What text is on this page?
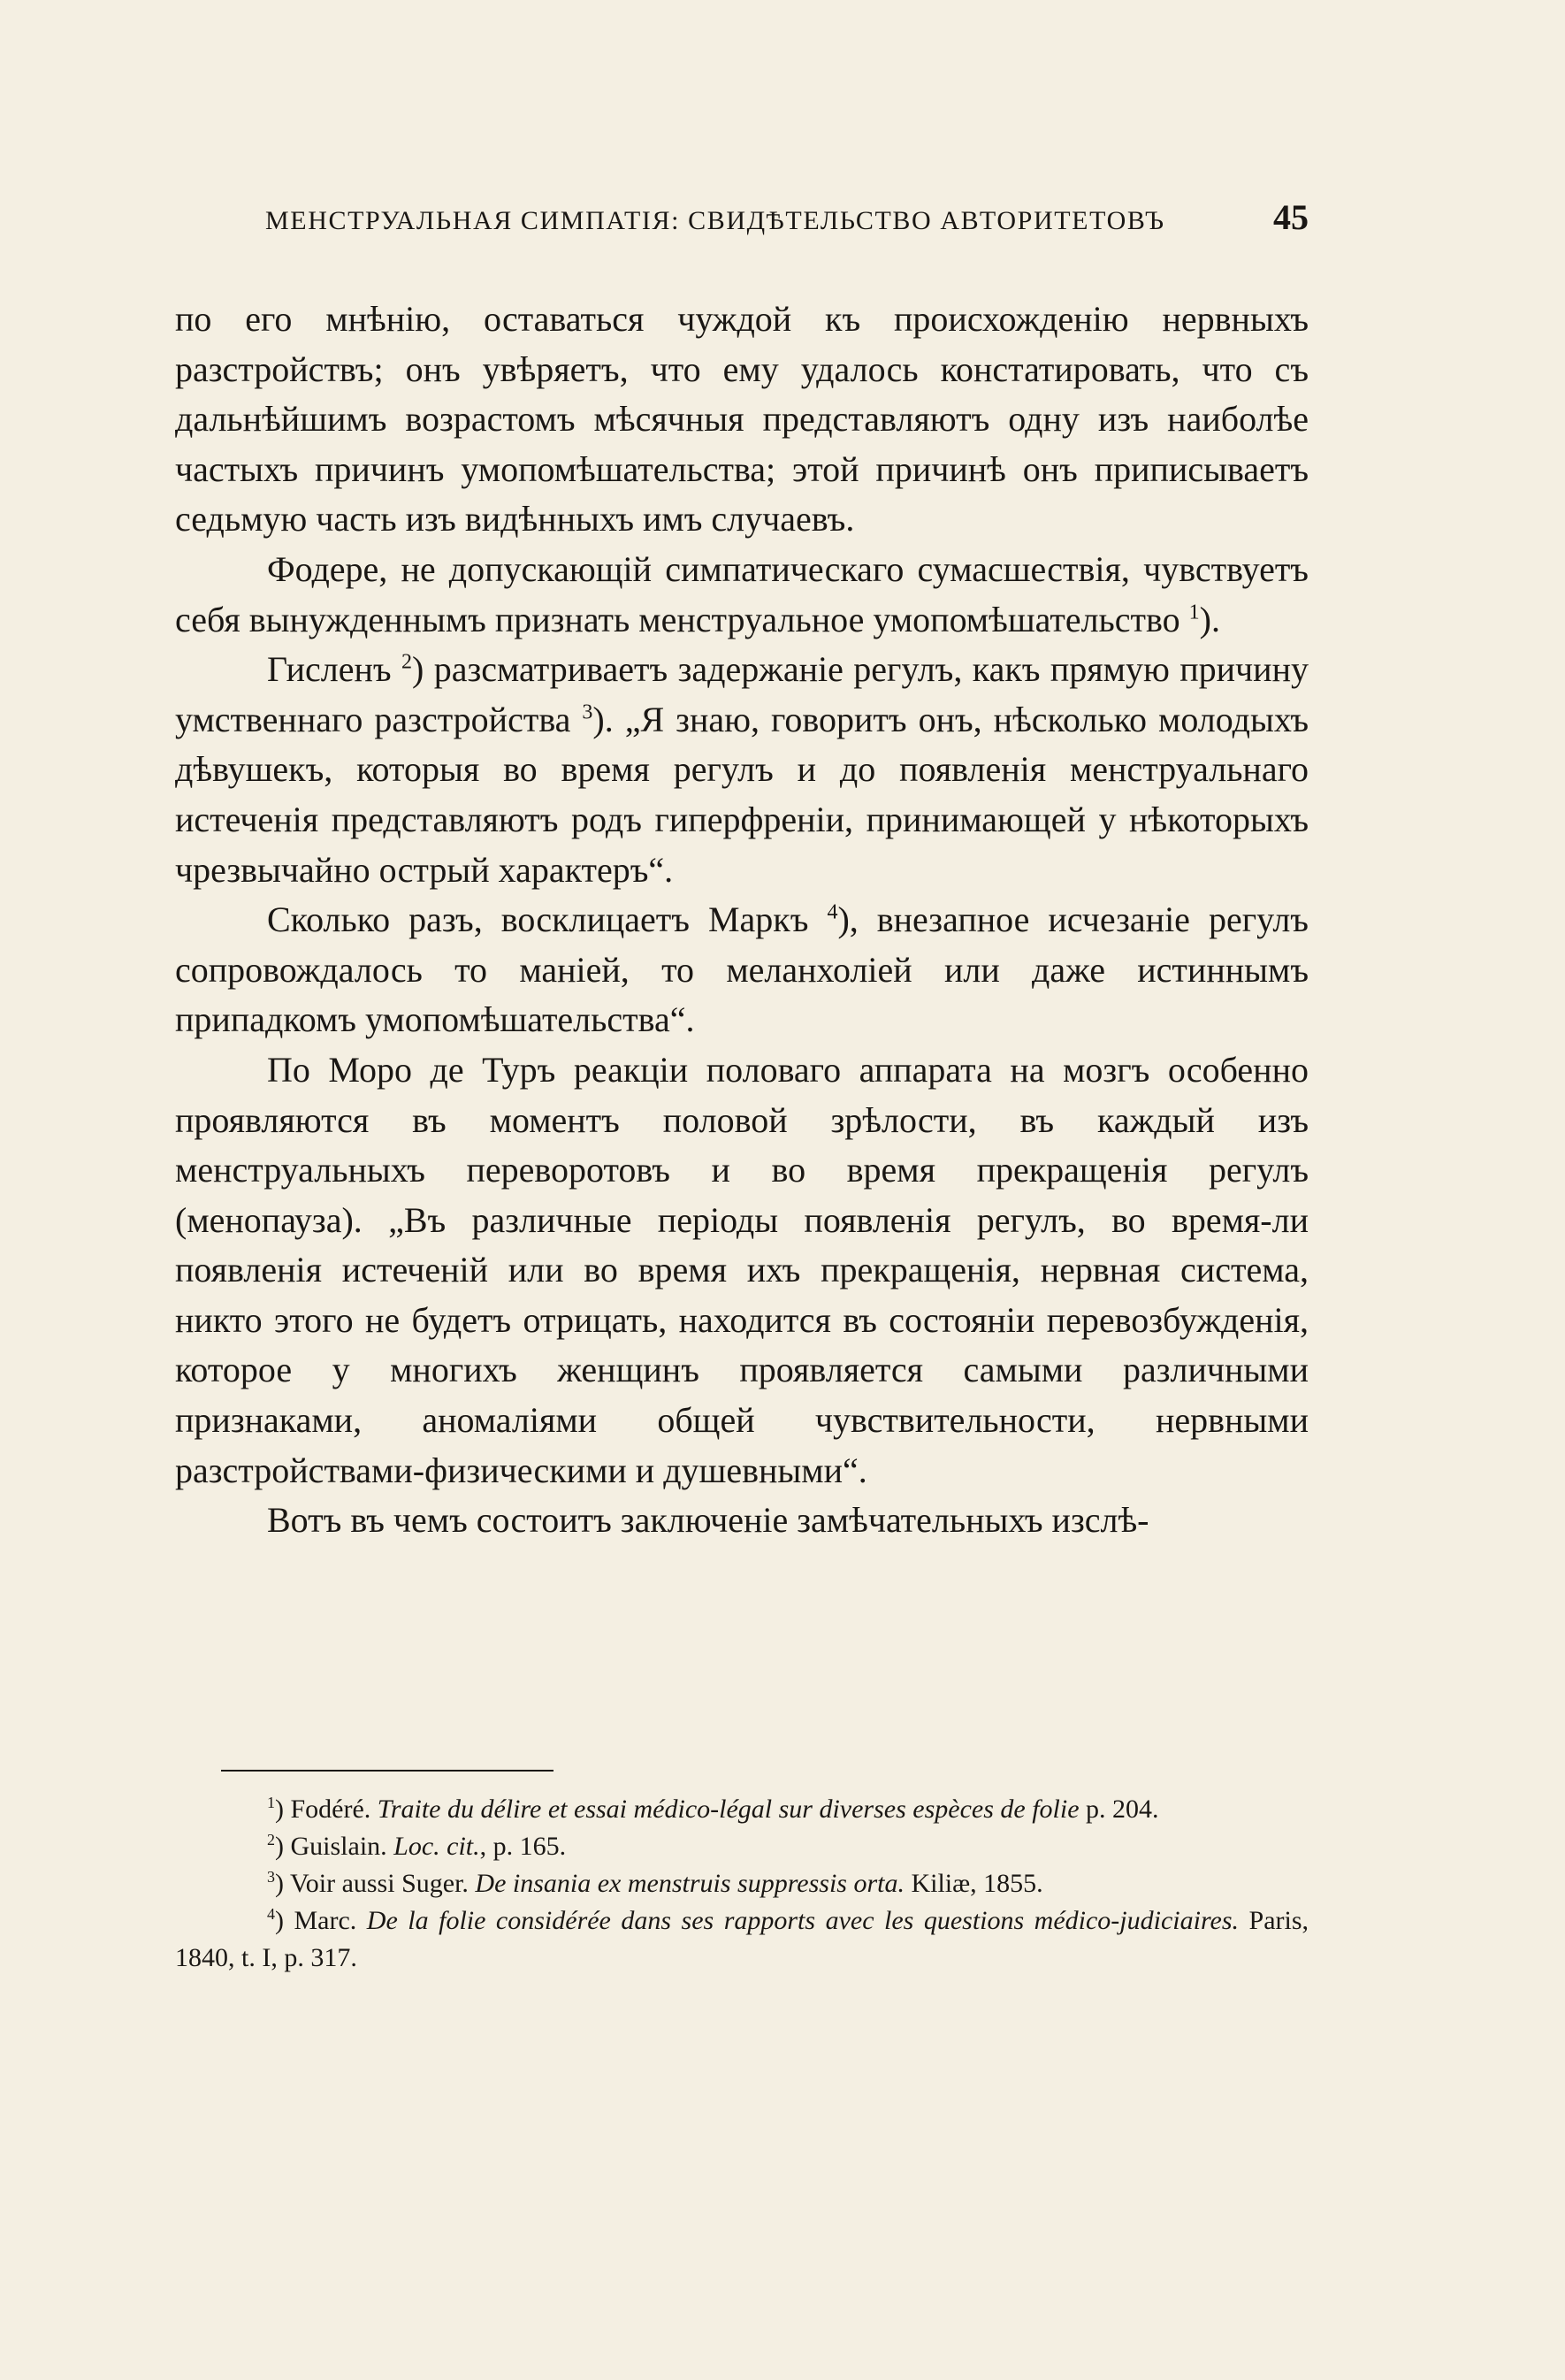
МЕНСТРУАЛЬНАЯ СИМПАТІЯ: СВИДѢТЕЛЬСТВО АВТОРИТЕТОВЪ	45

по его мнѣнію, оставаться чуждой къ происхожденію нервныхъ разстройствъ; онъ увѣряетъ, что ему удалось констатировать, что съ дальнѣйшимъ возрастомъ мѣсячныя представляютъ одну изъ наиболѣе частыхъ причинъ умопомѣшательства; этой причинѣ онъ приписываетъ седьмую часть изъ видѣнныхъ имъ случаевъ.

Фодере, не допускающій симпатическаго сумасшествія, чувствуетъ себя вынужденнымъ признать менструальное умопомѣшательство $^1$).

Гисленъ $^2$) разсматриваетъ задержаніе регулъ, какъ прямую причину умственнаго разстройства $^3$). „Я знаю, говоритъ онъ, нѣсколько молодыхъ дѣвушекъ, которыя во время регулъ и до появленія менструальнаго истеченія представляютъ родъ гиперфреніи, принимающей у нѣкоторыхъ чрезвычайно острый характеръ“.

Сколько разъ, восклицаетъ Маркъ $^4$), внезапное исчезаніе регулъ сопровождалось то маніей, то меланхоліей или даже истиннымъ припадкомъ умопомѣшательства“.

По Моро де Туръ реакціи половаго аппарата на мозгъ особенно проявляются въ моментъ половой зрѣлости, въ каждый изъ менструальныхъ переворотовъ и во время прекращенія регулъ (менопауза). „Въ различные періоды появленія регулъ, во время-ли появленія истеченій или во время ихъ прекращенія, нервная система, никто этого не будетъ отрицать, находится въ состояніи перевозбужденія, которое у многихъ женщинъ проявляется самыми различными признаками, аномаліями общей чувствительности, нервными разстройствами-физическими и душевными“.

Вотъ въ чемъ состоитъ заключеніе замѣчательныхъ изслѣ-

$^1$) Fodéré. Traite du délire et essai médico-légal sur diverses espèces de folie p. 204.

$^2$) Guislain. Loc. cit., p. 165.

$^3$) Voir aussi Suger. De insania ex menstruis suppressis orta. Kiliæ, 1855.

$^4$) Marc. De la folie considérée dans ses rapports avec les questions médico-judiciaires. Paris, 1840, t. I, p. 317.
